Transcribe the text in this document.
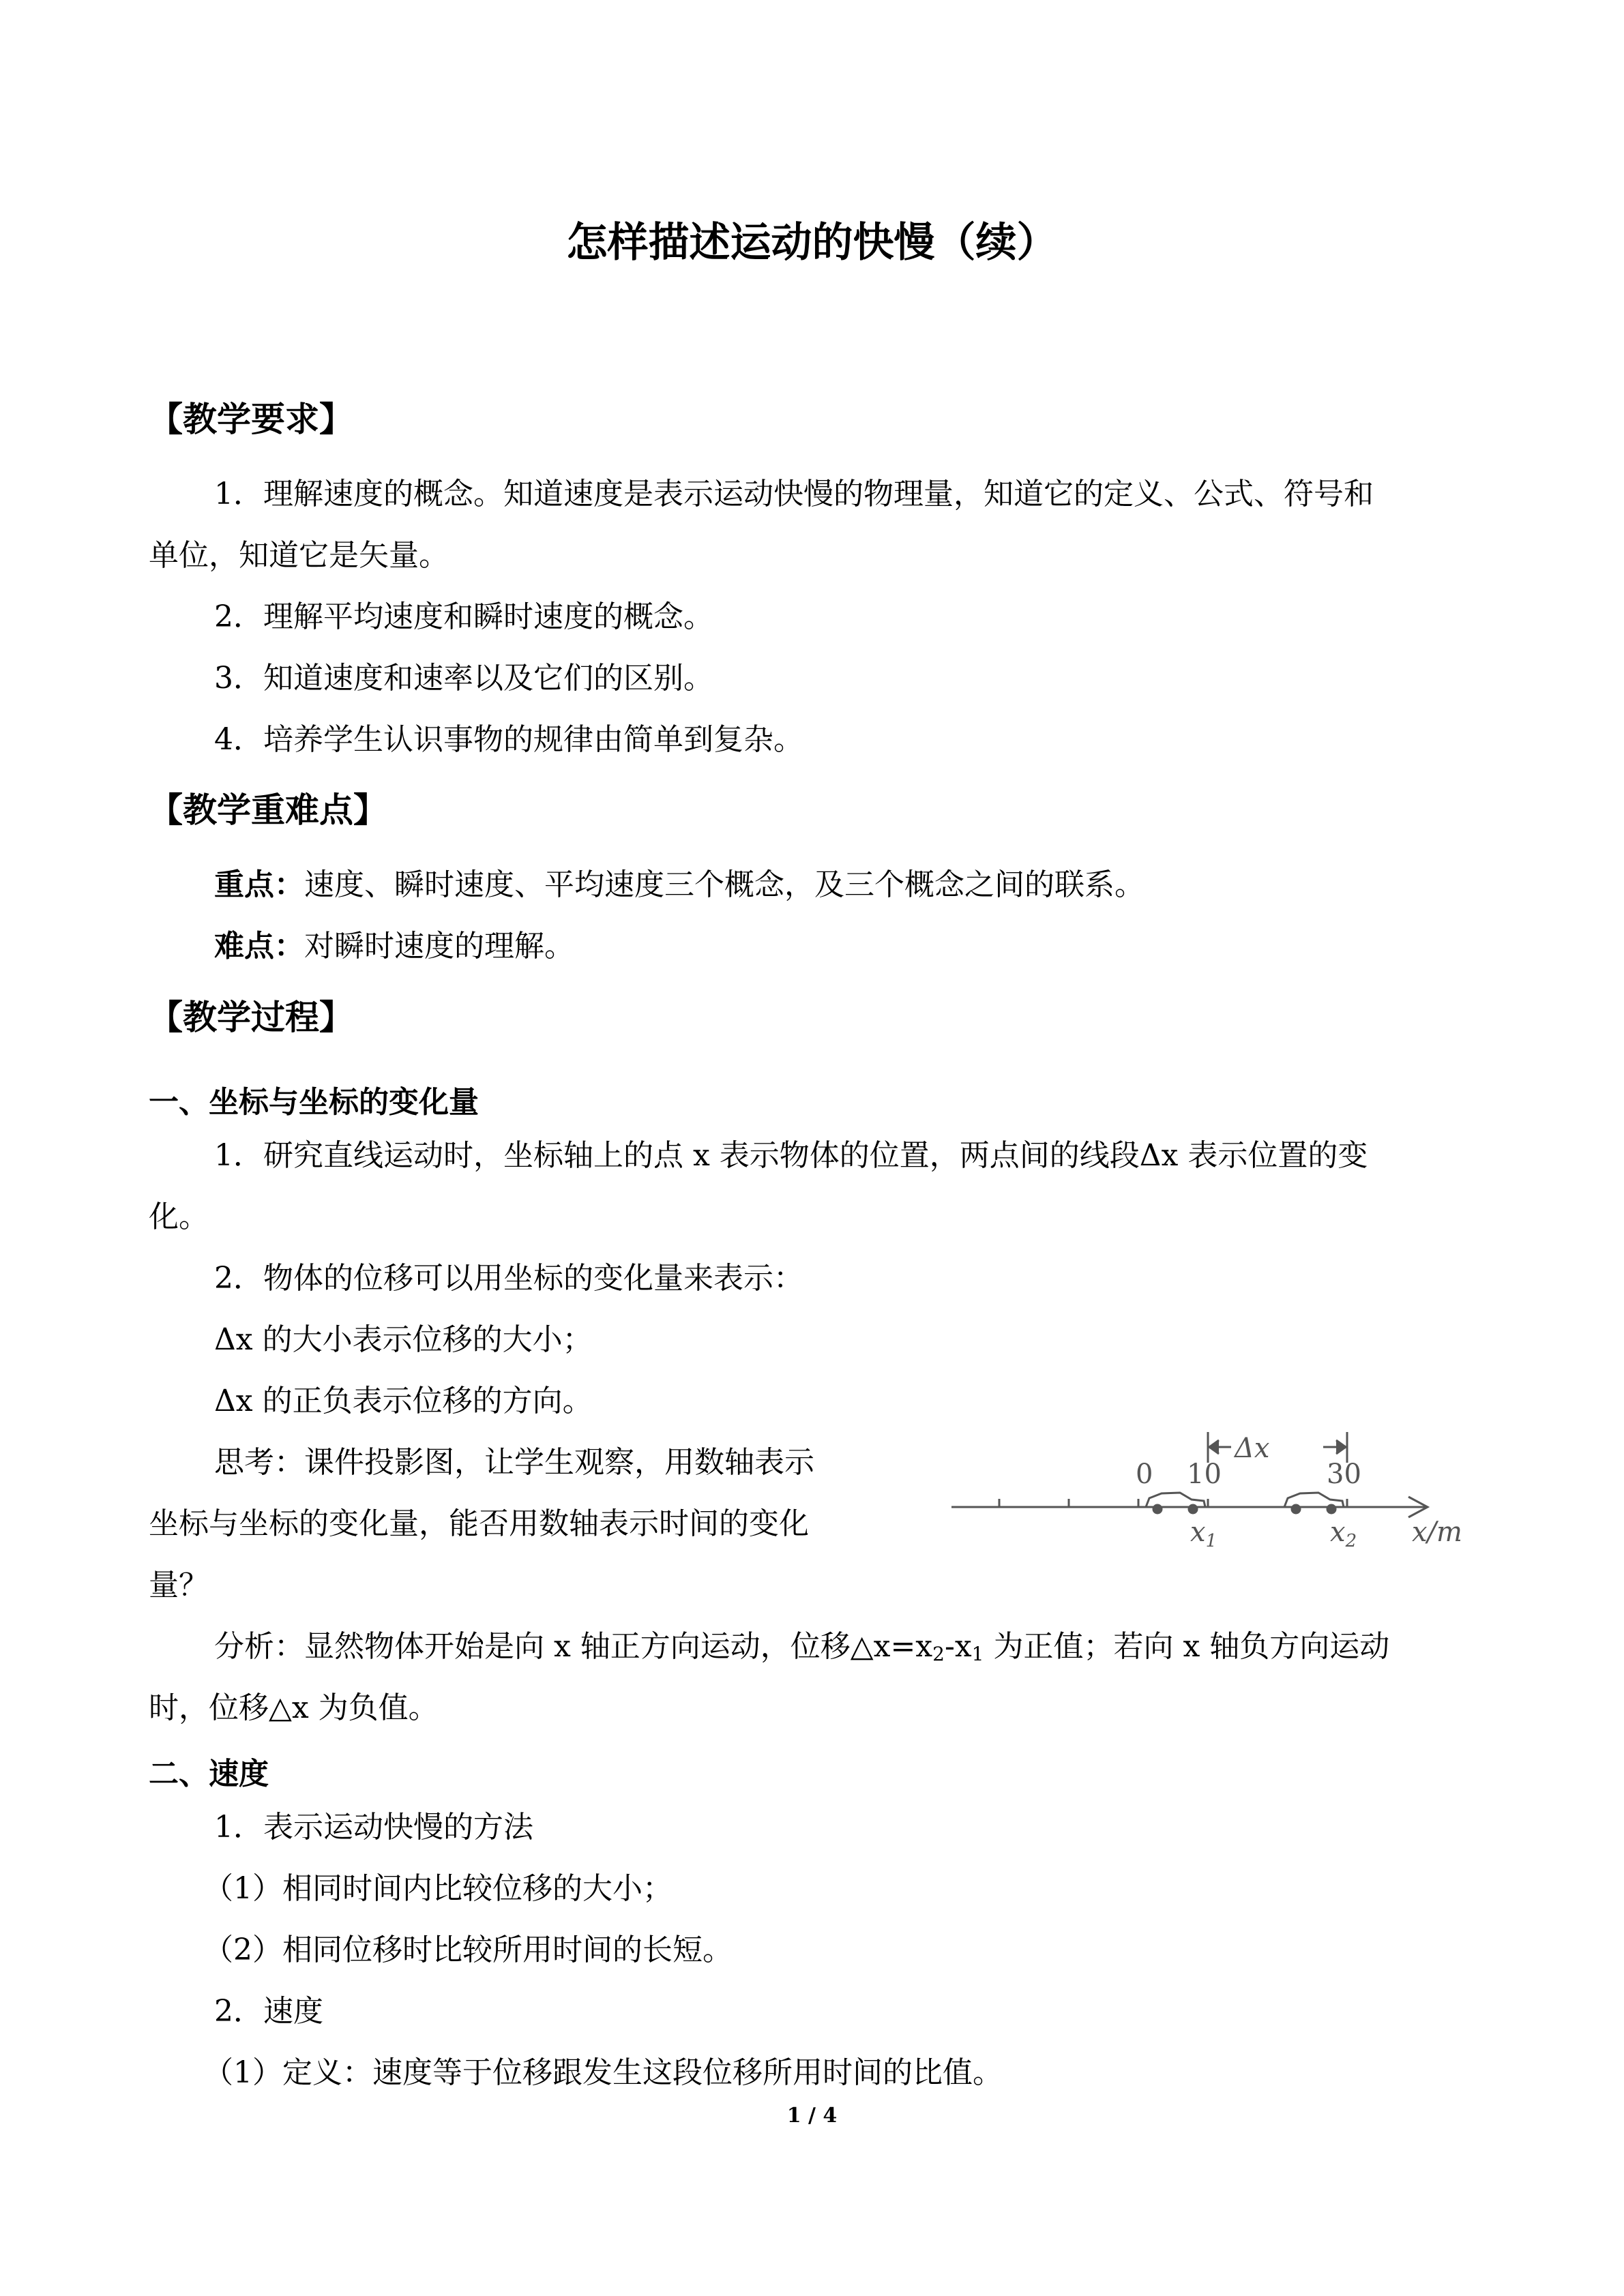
怎样描述运动的快慢（续）
【教学要求】
1．理解速度的概念。知道速度是表示运动快慢的物理量，知道它的定义、公式、符号和
单位，知道它是矢量。
2．理解平均速度和瞬时速度的概念。
3．知道速度和速率以及它们的区别。
4．培养学生认识事物的规律由简单到复杂。
【教学重难点】
重点：速度、瞬时速度、平均速度三个概念，及三个概念之间的联系。
难点：对瞬时速度的理解。
【教学过程】
一、坐标与坐标的变化量
1．研究直线运动时，坐标轴上的点 x 表示物体的位置，两点间的线段Δx 表示位置的变
化。
2．物体的位移可以用坐标的变化量来表示：
Δx 的大小表示位移的大小；
Δx 的正负表示位移的方向。
思考：课件投影图，让学生观察，用数轴表示
坐标与坐标的变化量，能否用数轴表示时间的变化
量？
Δx
0 10	30
$x_1$	$x_2$ x/m
分析：显然物体开始是向 x 轴正方向运动，位移$\triangle x=x_2-x_1$ 为正值；若向 x 轴负方向运动
时，位移△x 为负值。
二、速度
1．表示运动快慢的方法
（1）相同时间内比较位移的大小；
（2）相同位移时比较所用时间的长短。
2．速度
（1）定义：速度等于位移跟发生这段位移所用时间的比值。
1 / 4
